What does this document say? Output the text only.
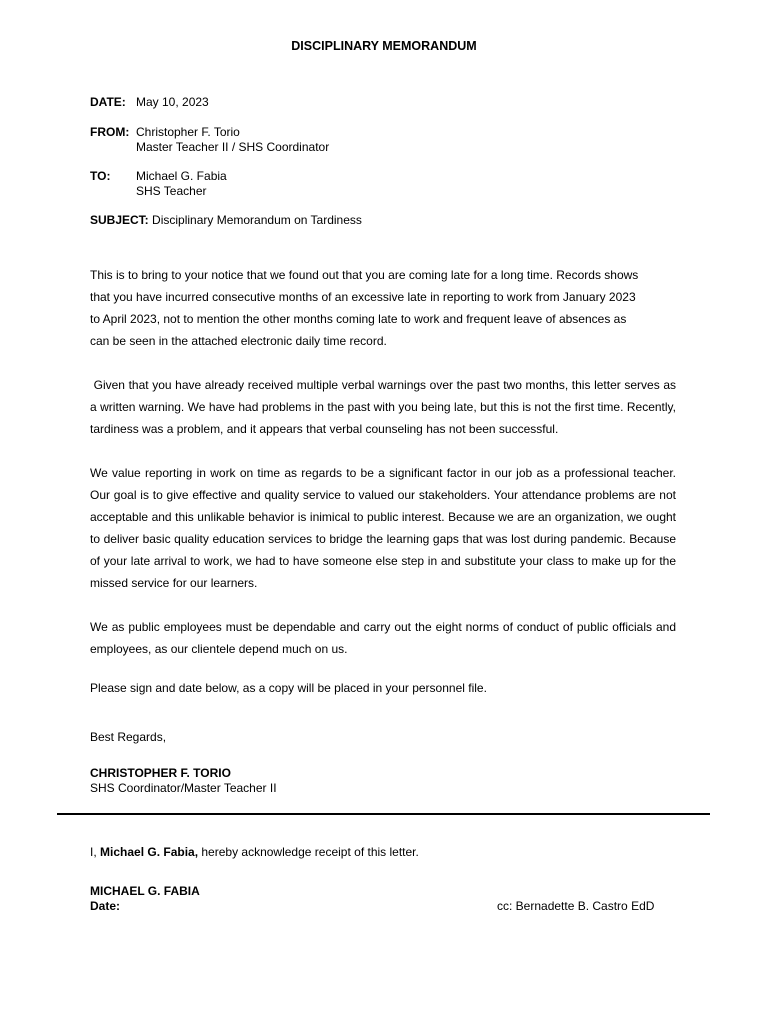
DISCIPLINARY MEMORANDUM
DATE: May 10, 2023
FROM: Christopher F. Torio
Master Teacher II / SHS Coordinator
TO: Michael G. Fabia
SHS Teacher
SUBJECT: Disciplinary Memorandum on Tardiness
This is to bring to your notice that we found out that you are coming late for a long time. Records shows
that you have incurred consecutive months of an excessive late in reporting to work from January 2023
to April 2023, not to mention the other months coming late to work and frequent leave of absences as
can be seen in the attached electronic daily time record.
Given that you have already received multiple verbal warnings over the past two months, this letter serves as a written warning. We have had problems in the past with you being late, but this is not the first time. Recently, tardiness was a problem, and it appears that verbal counseling has not been successful.
We value reporting in work on time as regards to be a significant factor in our job as a professional teacher. Our goal is to give effective and quality service to valued our stakeholders. Your attendance problems are not acceptable and this unlikable behavior is inimical to public interest. Because we are an organization, we ought to deliver basic quality education services to bridge the learning gaps that was lost during pandemic. Because of your late arrival to work, we had to have someone else step in and substitute your class to make up for the missed service for our learners.
We as public employees must be dependable and carry out the eight norms of conduct of public officials and employees, as our clientele depend much on us.
Please sign and date below, as a copy will be placed in your personnel file.
Best Regards,
CHRISTOPHER F. TORIO
SHS Coordinator/Master Teacher II
I, Michael G. Fabia, hereby acknowledge receipt of this letter.
MICHAEL G. FABIA
Date:	cc: Bernadette B. Castro EdD
